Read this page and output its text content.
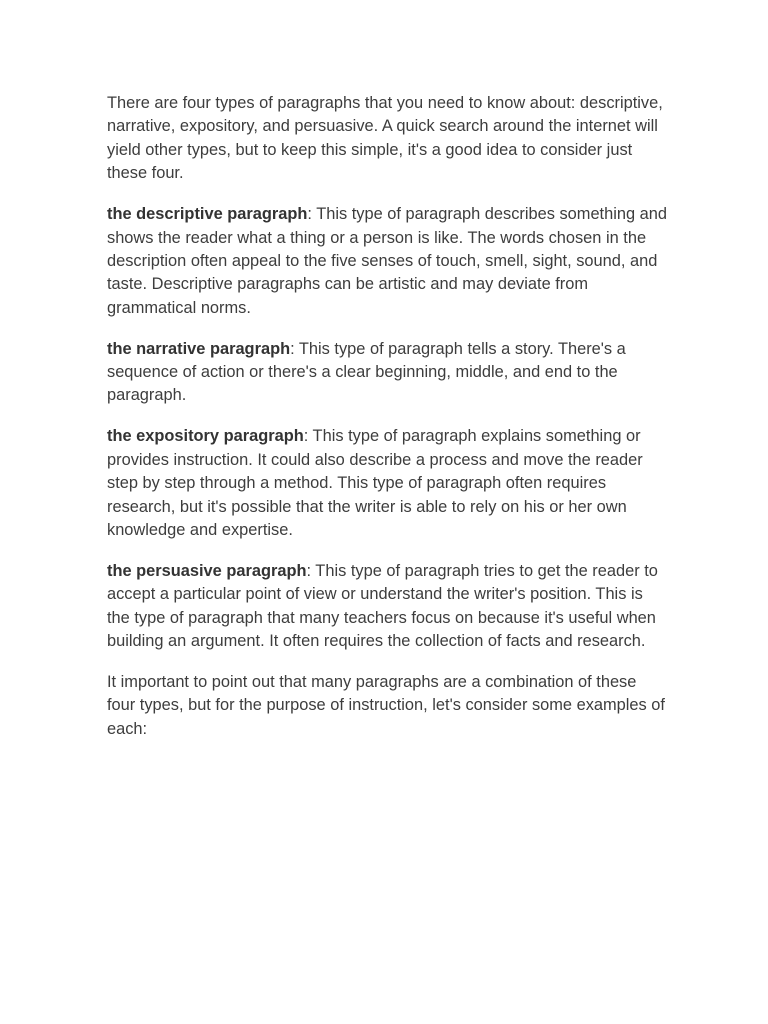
There are four types of paragraphs that you need to know about: descriptive, narrative, expository, and persuasive. A quick search around the internet will yield other types, but to keep this simple, it's a good idea to consider just these four.

the descriptive paragraph: This type of paragraph describes something and shows the reader what a thing or a person is like. The words chosen in the description often appeal to the five senses of touch, smell, sight, sound, and taste. Descriptive paragraphs can be artistic and may deviate from grammatical norms.

the narrative paragraph: This type of paragraph tells a story. There's a sequence of action or there's a clear beginning, middle, and end to the paragraph.

the expository paragraph: This type of paragraph explains something or provides instruction. It could also describe a process and move the reader step by step through a method. This type of paragraph often requires research, but it's possible that the writer is able to rely on his or her own knowledge and expertise.

the persuasive paragraph: This type of paragraph tries to get the reader to accept a particular point of view or understand the writer's position. This is the type of paragraph that many teachers focus on because it's useful when building an argument. It often requires the collection of facts and research.

It important to point out that many paragraphs are a combination of these four types, but for the purpose of instruction, let's consider some examples of each:
